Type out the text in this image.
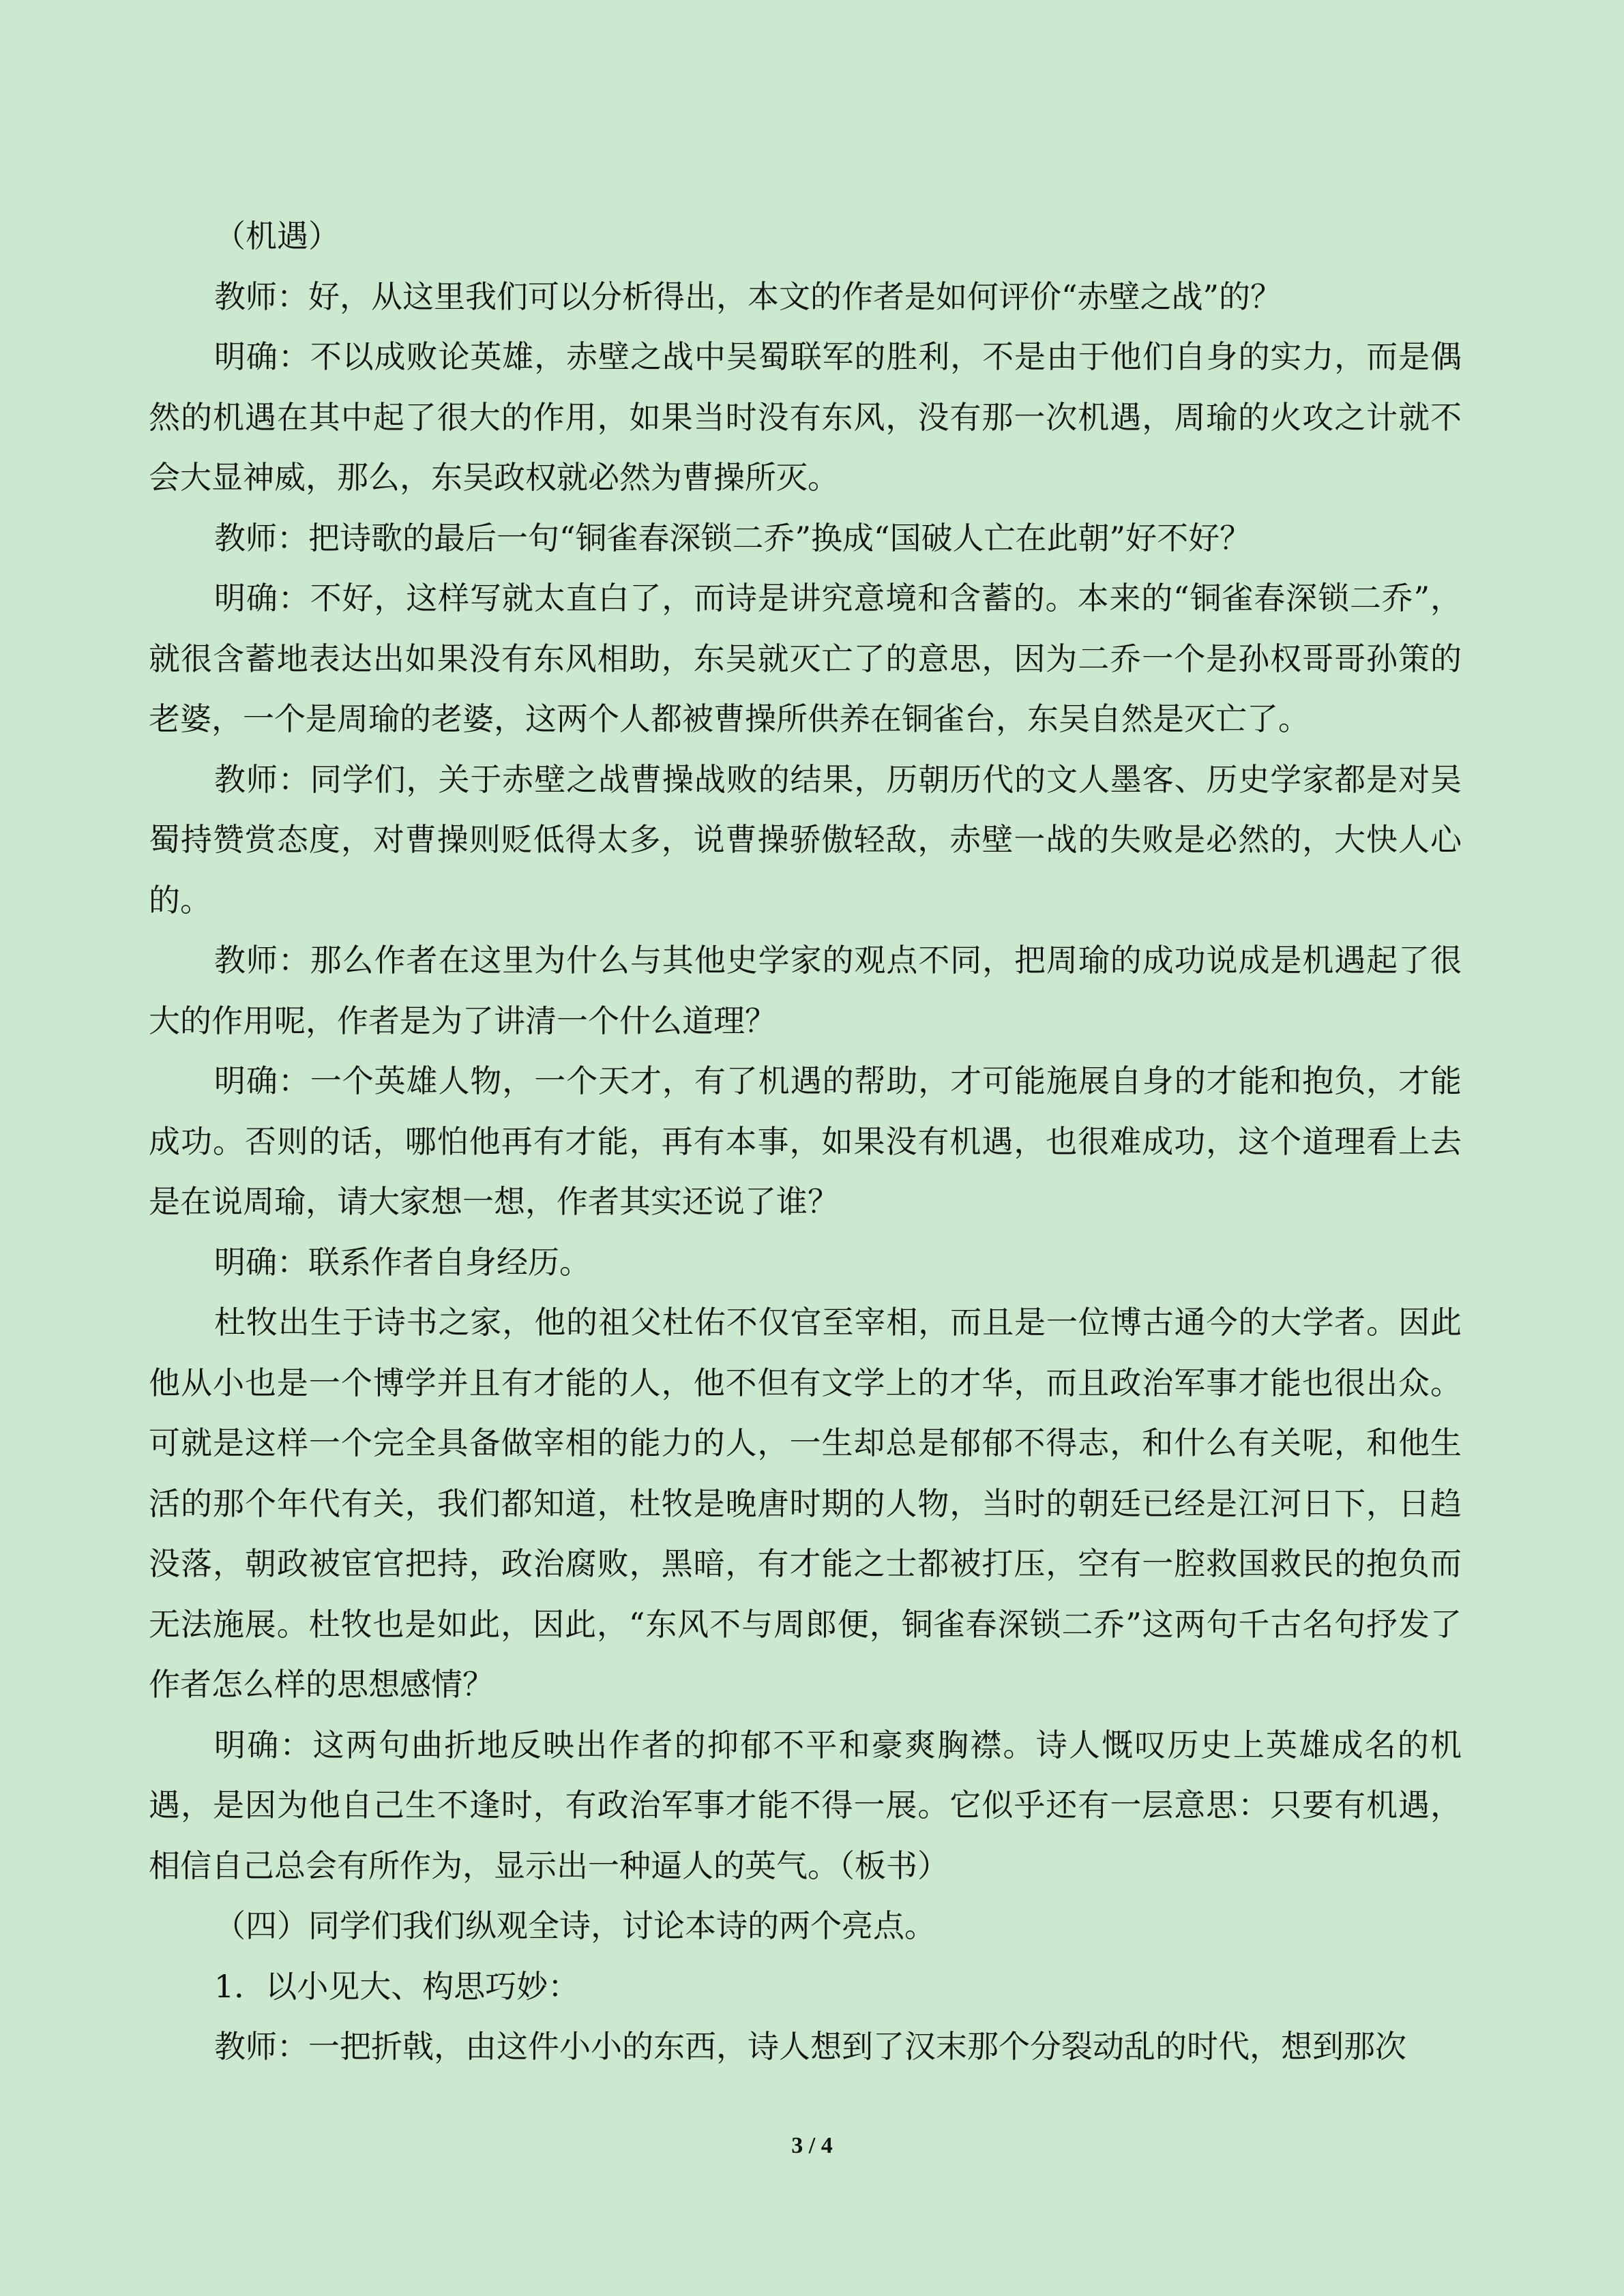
（机遇）

教师：好，从这里我们可以分析得出，本文的作者是如何评价“赤壁之战”的？

明确：不以成败论英雄，赤壁之战中吴蜀联军的胜利，不是由于他们自身的实力，而是偶然的机遇在其中起了很大的作用，如果当时没有东风，没有那一次机遇，周瑜的火攻之计就不会大显神威，那么，东吴政权就必然为曹操所灭。

教师：把诗歌的最后一句“铜雀春深锁二乔”换成“国破人亡在此朝”好不好？

明确：不好，这样写就太直白了，而诗是讲究意境和含蓄的。本来的“铜雀春深锁二乔”，就很含蓄地表达出如果没有东风相助，东吴就灭亡了的意思，因为二乔一个是孙权哥哥孙策的老婆，一个是周瑜的老婆，这两个人都被曹操所供养在铜雀台，东吴自然是灭亡了。

教师：同学们，关于赤壁之战曹操战败的结果，历朝历代的文人墨客、历史学家都是对吴蜀持赞赏态度，对曹操则贬低得太多，说曹操骄傲轻敌，赤壁一战的失败是必然的，大快人心的。

教师：那么作者在这里为什么与其他史学家的观点不同，把周瑜的成功说成是机遇起了很大的作用呢，作者是为了讲清一个什么道理？

明确：一个英雄人物，一个天才，有了机遇的帮助，才可能施展自身的才能和抱负，才能成功。否则的话，哪怕他再有才能，再有本事，如果没有机遇，也很难成功，这个道理看上去是在说周瑜，请大家想一想，作者其实还说了谁？

明确：联系作者自身经历。

杜牧出生于诗书之家，他的祖父杜佑不仅官至宰相，而且是一位博古通今的大学者。因此他从小也是一个博学并且有才能的人，他不但有文学上的才华，而且政治军事才能也很出众。可就是这样一个完全具备做宰相的能力的人，一生却总是郁郁不得志，和什么有关呢，和他生活的那个年代有关，我们都知道，杜牧是晚唐时期的人物，当时的朝廷已经是江河日下，日趋没落，朝政被宦官把持，政治腐败，黑暗，有才能之士都被打压，空有一腔救国救民的抱负而无法施展。杜牧也是如此，因此，“东风不与周郎便，铜雀春深锁二乔”这两句千古名句抒发了作者怎么样的思想感情？

明确：这两句曲折地反映出作者的抑郁不平和豪爽胸襟。诗人慨叹历史上英雄成名的机遇，是因为他自己生不逢时，有政治军事才能不得一展。它似乎还有一层意思：只要有机遇，相信自己总会有所作为，显示出一种逼人的英气。（板书）

（四）同学们我们纵观全诗，讨论本诗的两个亮点。

1．以小见大、构思巧妙：

教师：一把折戟，由这件小小的东西，诗人想到了汉末那个分裂动乱的时代，想到那次

3 / 4
